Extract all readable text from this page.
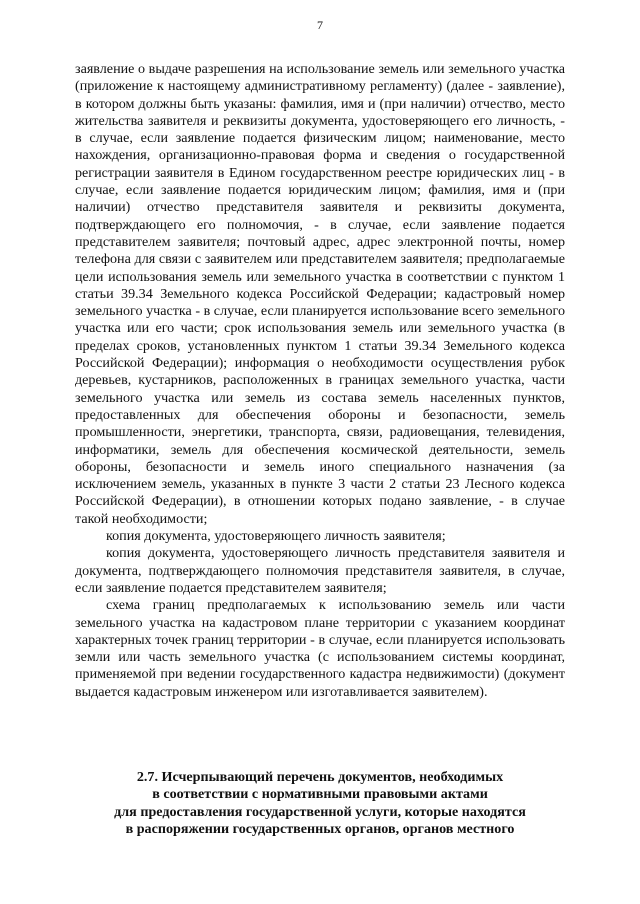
7

заявление о выдаче разрешения на использование земель или земельного участка (приложение к настоящему административному регламенту) (далее - заявление), в котором должны быть указаны: фамилия, имя и (при наличии) отчество, место жительства заявителя и реквизиты документа, удостоверяющего его личность, - в случае, если заявление подается физическим лицом; наименование, место нахождения, организационно-правовая форма и сведения о государственной регистрации заявителя в Едином государственном реестре юридических лиц - в случае, если заявление подается юридическим лицом; фамилия, имя и (при наличии) отчество представителя заявителя и реквизиты документа, подтверждающего его полномочия, - в случае, если заявление подается представителем заявителя; почтовый адрес, адрес электронной почты, номер телефона для связи с заявителем или представителем заявителя; предполагаемые цели использования земель или земельного участка в соответствии с пунктом 1 статьи 39.34 Земельного кодекса Российской Федерации; кадастровый номер земельного участка - в случае, если планируется использование всего земельного участка или его части; срок использования земель или земельного участка (в пределах сроков, установленных пунктом 1 статьи 39.34 Земельного кодекса Российской Федерации); информация о необходимости осуществления рубок деревьев, кустарников, расположенных в границах земельного участка, части земельного участка или земель из состава земель населенных пунктов, предоставленных для обеспечения обороны и безопасности, земель промышленности, энергетики, транспорта, связи, радиовещания, телевидения, информатики, земель для обеспечения космической деятельности, земель обороны, безопасности и земель иного специального назначения (за исключением земель, указанных в пункте 3 части 2 статьи 23 Лесного кодекса Российской Федерации), в отношении которых подано заявление, - в случае такой необходимости;

копия документа, удостоверяющего личность заявителя;

копия документа, удостоверяющего личность представителя заявителя и документа, подтверждающего полномочия представителя заявителя, в случае, если заявление подается представителем заявителя;

схема границ предполагаемых к использованию земель или части земельного участка на кадастровом плане территории с указанием координат характерных точек границ территории - в случае, если планируется использовать земли или часть земельного участка (с использованием системы координат, применяемой при ведении государственного кадастра недвижимости) (документ выдается кадастровым инженером или изготавливается заявителем).

2.7. Исчерпывающий перечень документов, необходимых
в соответствии с нормативными правовыми актами
для предоставления государственной услуги, которые находятся
в распоряжении государственных органов, органов местного
